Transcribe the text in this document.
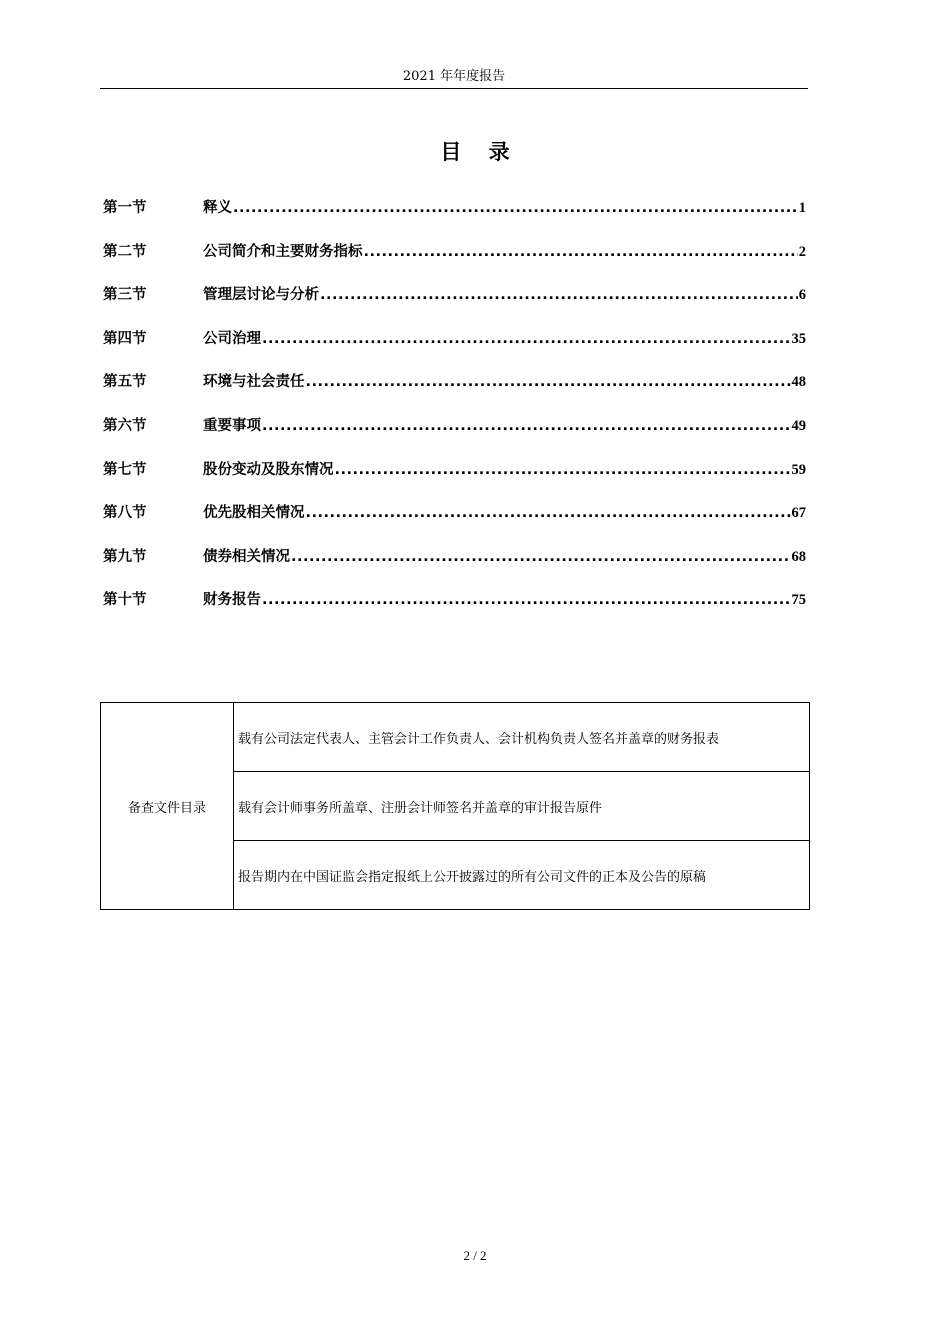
2021 年年度报告
目 录
第一节	释义 .....	1
第二节	公司简介和主要财务指标 .....	2
第三节	管理层讨论与分析 .....	6
第四节	公司治理 .....	35
第五节	环境与社会责任 .....	48
第六节	重要事项 .....	49
第七节	股份变动及股东情况 .....	59
第八节	优先股相关情况 .....	67
第九节	债券相关情况 .....	68
第十节	财务报告 .....	75
备查文件目录	载有公司法定代表人、主管会计工作负责人、会计机构负责人签名并盖章的财务报表
载有会计师事务所盖章、注册会计师签名并盖章的审计报告原件
报告期内在中国证监会指定报纸上公开披露过的所有公司文件的正本及公告的原稿
2 / 2
